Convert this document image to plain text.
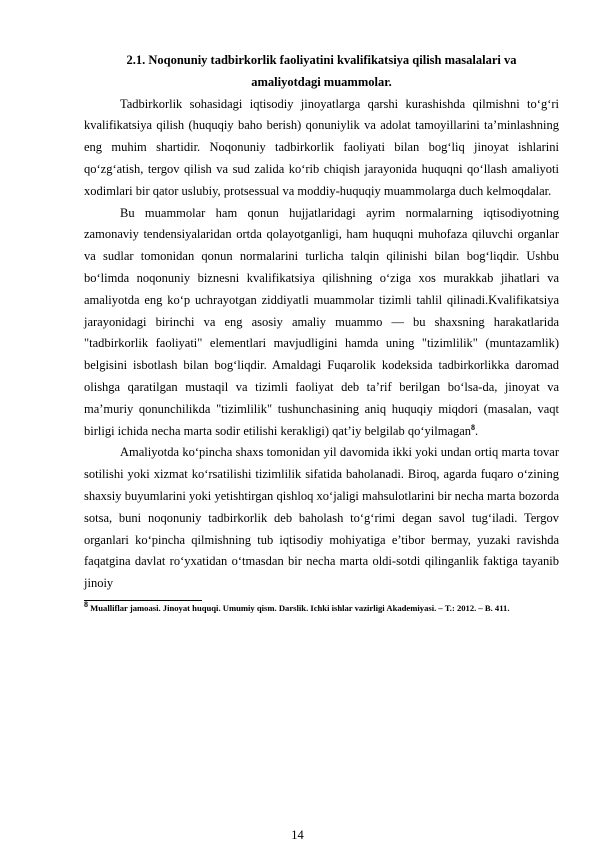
2.1. Noqonuniy tadbirkorlik faoliyatini kvalifikatsiya qilish masalalari va
amaliyotdagi muammolar.

Tadbirkorlik sohasidagi iqtisodiy jinoyatlarga qarshi kurashishda qilmishni to‘g‘ri kvalifikatsiya qilish (huquqiy baho berish) qonuniylik va adolat tamoyillarini ta’minlashning eng muhim shartidir. Noqonuniy tadbirkorlik faoliyati bilan bog‘liq jinoyat ishlarini qo‘zg‘atish, tergov qilish va sud zalida ko‘rib chiqish jarayonida huquqni qo‘llash amaliyoti xodimlari bir qator uslubiy, protsessual va moddiy-huquqiy muammolarga duch kelmoqdalar.

Bu muammolar ham qonun hujjatlaridagi ayrim normalarning iqtisodiyotning zamonaviy tendensiyalaridan ortda qolayotganligi, ham huquqni muhofaza qiluvchi organlar va sudlar tomonidan qonun normalarini turlicha talqin qilinishi bilan bog‘liqdir. Ushbu bo‘limda noqonuniy biznesni kvalifikatsiya qilishning o‘ziga xos murakkab jihatlari va amaliyotda eng ko‘p uchrayotgan ziddiyatli muammolar tizimli tahlil qilinadi.Kvalifikatsiya jarayonidagi birinchi va eng asosiy amaliy muammo — bu shaxsning harakatlarida "tadbirkorlik faoliyati" elementlari mavjudligini hamda uning "tizimlilik" (muntazamlik) belgisini isbotlash bilan bog‘liqdir. Amaldagi Fuqarolik kodeksida tadbirkorlikka daromad olishga qaratilgan mustaqil va tizimli faoliyat deb ta’rif berilgan bo‘lsa-da, jinoyat va ma’muriy qonunchilikda "tizimlilik" tushunchasining aniq huquqiy miqdori (masalan, vaqt birligi ichida necha marta sodir etilishi kerakligi) qat’iy belgilab qo‘yilmagan$^8$.

Amaliyotda ko‘pincha shaxs tomonidan yil davomida ikki yoki undan ortiq marta tovar sotilishi yoki xizmat ko‘rsatilishi tizimlilik sifatida baholanadi. Biroq, agarda fuqaro o‘zining shaxsiy buyumlarini yoki yetishtirgan qishloq xo‘jaligi mahsulotlarini bir necha marta bozorda sotsa, buni noqonuniy tadbirkorlik deb baholash to‘g‘rimi degan savol tug‘iladi. Tergov organlari ko‘pincha qilmishning tub iqtisodiy mohiyatiga e’tibor bermay, yuzaki ravishda faqatgina davlat ro‘yxatidan o‘tmasdan bir necha marta oldi-sotdi qilinganlik faktiga tayanib jinoiy

$^8$ Mualliflar jamoasi. Jinoyat huquqi. Umumiy qism. Darslik. Ichki ishlar vazirligi Akademiyasi. – T.: 2012. – B. 411.

14
